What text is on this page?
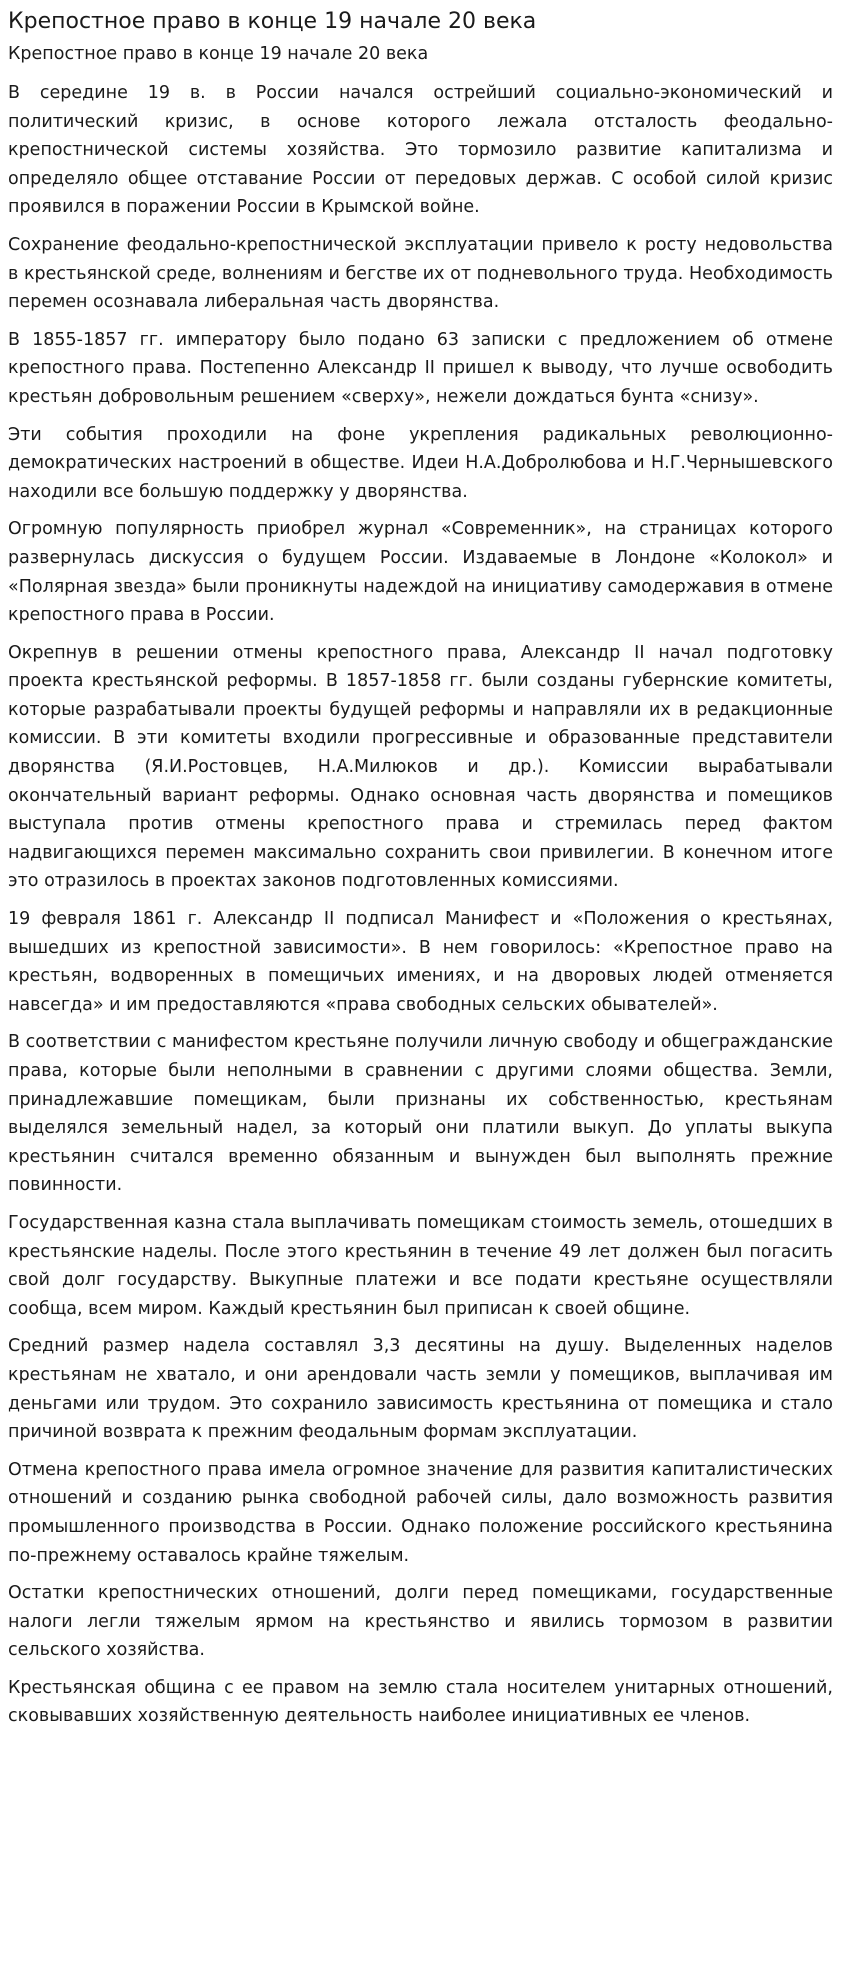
Крепостное право в конце 19 начале 20 века
Крепостное право в конце 19 начале 20 века

В середине 19 в. в России начался острейший социально-экономический и политический кризис, в основе которого лежала отсталость феодально-крепостнической системы хозяйства. Это тормозило развитие капитализма и определяло общее отставание России от передовых держав. С особой силой кризис проявился в поражении России в Крымской войне.

Сохранение феодально-крепостнической эксплуатации привело к росту недовольства в крестьянской среде, волнениям и бегстве их от подневольного труда. Необходимость перемен осознавала либеральная часть дворянства.

В 1855-1857 гг. императору было подано 63 записки с предложением об отмене крепостного права. Постепенно Александр II пришел к выводу, что лучше освободить крестьян добровольным решением «сверху», нежели дождаться бунта «снизу».

Эти события проходили на фоне укрепления радикальных революционно-демократических настроений в обществе. Идеи Н.А.Добролюбова и Н.Г.Чернышевского находили все большую поддержку у дворянства.

Огромную популярность приобрел журнал «Современник», на страницах которого развернулась дискуссия о будущем России. Издаваемые в Лондоне «Колокол» и «Полярная звезда» были проникнуты надеждой на инициативу самодержавия в отмене крепостного права в России.

Окрепнув в решении отмены крепостного права, Александр II начал подготовку проекта крестьянской реформы. В 1857-1858 гг. были созданы губернские комитеты, которые разрабатывали проекты будущей реформы и направляли их в редакционные комиссии. В эти комитеты входили прогрессивные и образованные представители дворянства (Я.И.Ростовцев, Н.А.Милюков и др.). Комиссии вырабатывали окончательный вариант реформы. Однако основная часть дворянства и помещиков выступала против отмены крепостного права и стремилась перед фактом надвигающихся перемен максимально сохранить свои привилегии. В конечном итоге это отразилось в проектах законов подготовленных комиссиями.

19 февраля 1861 г. Александр II подписал Манифест и «Положения о крестьянах, вышедших из крепостной зависимости». В нем говорилось: «Крепостное право на крестьян, водворенных в помещичьих имениях, и на дворовых людей отменяется навсегда» и им предоставляются «права свободных сельских обывателей».

В соответствии с манифестом крестьяне получили личную свободу и общегражданские права, которые были неполными в сравнении с другими слоями общества. Земли, принадлежавшие помещикам, были признаны их собственностью, крестьянам выделялся земельный надел, за который они платили выкуп. До уплаты выкупа крестьянин считался временно обязанным и вынужден был выполнять прежние повинности.

Государственная казна стала выплачивать помещикам стоимость земель, отошедших в крестьянские наделы. После этого крестьянин в течение 49 лет должен был погасить свой долг государству. Выкупные платежи и все подати крестьяне осуществляли сообща, всем миром. Каждый крестьянин был приписан к своей общине.

Средний размер надела составлял 3,3 десятины на душу. Выделенных наделов крестьянам не хватало, и они арендовали часть земли у помещиков, выплачивая им деньгами или трудом. Это сохранило зависимость крестьянина от помещика и стало причиной возврата к прежним феодальным формам эксплуатации.

Отмена крепостного права имела огромное значение для развития капиталистических отношений и созданию рынка свободной рабочей силы, дало возможность развития промышленного производства в России. Однако положение российского крестьянина по-прежнему оставалось крайне тяжелым.

Остатки крепостнических отношений, долги перед помещиками, государственные налоги легли тяжелым ярмом на крестьянство и явились тормозом в развитии сельского хозяйства.

Крестьянская община с ее правом на землю стала носителем унитарных отношений, сковывавших хозяйственную деятельность наиболее инициативных ее членов.
